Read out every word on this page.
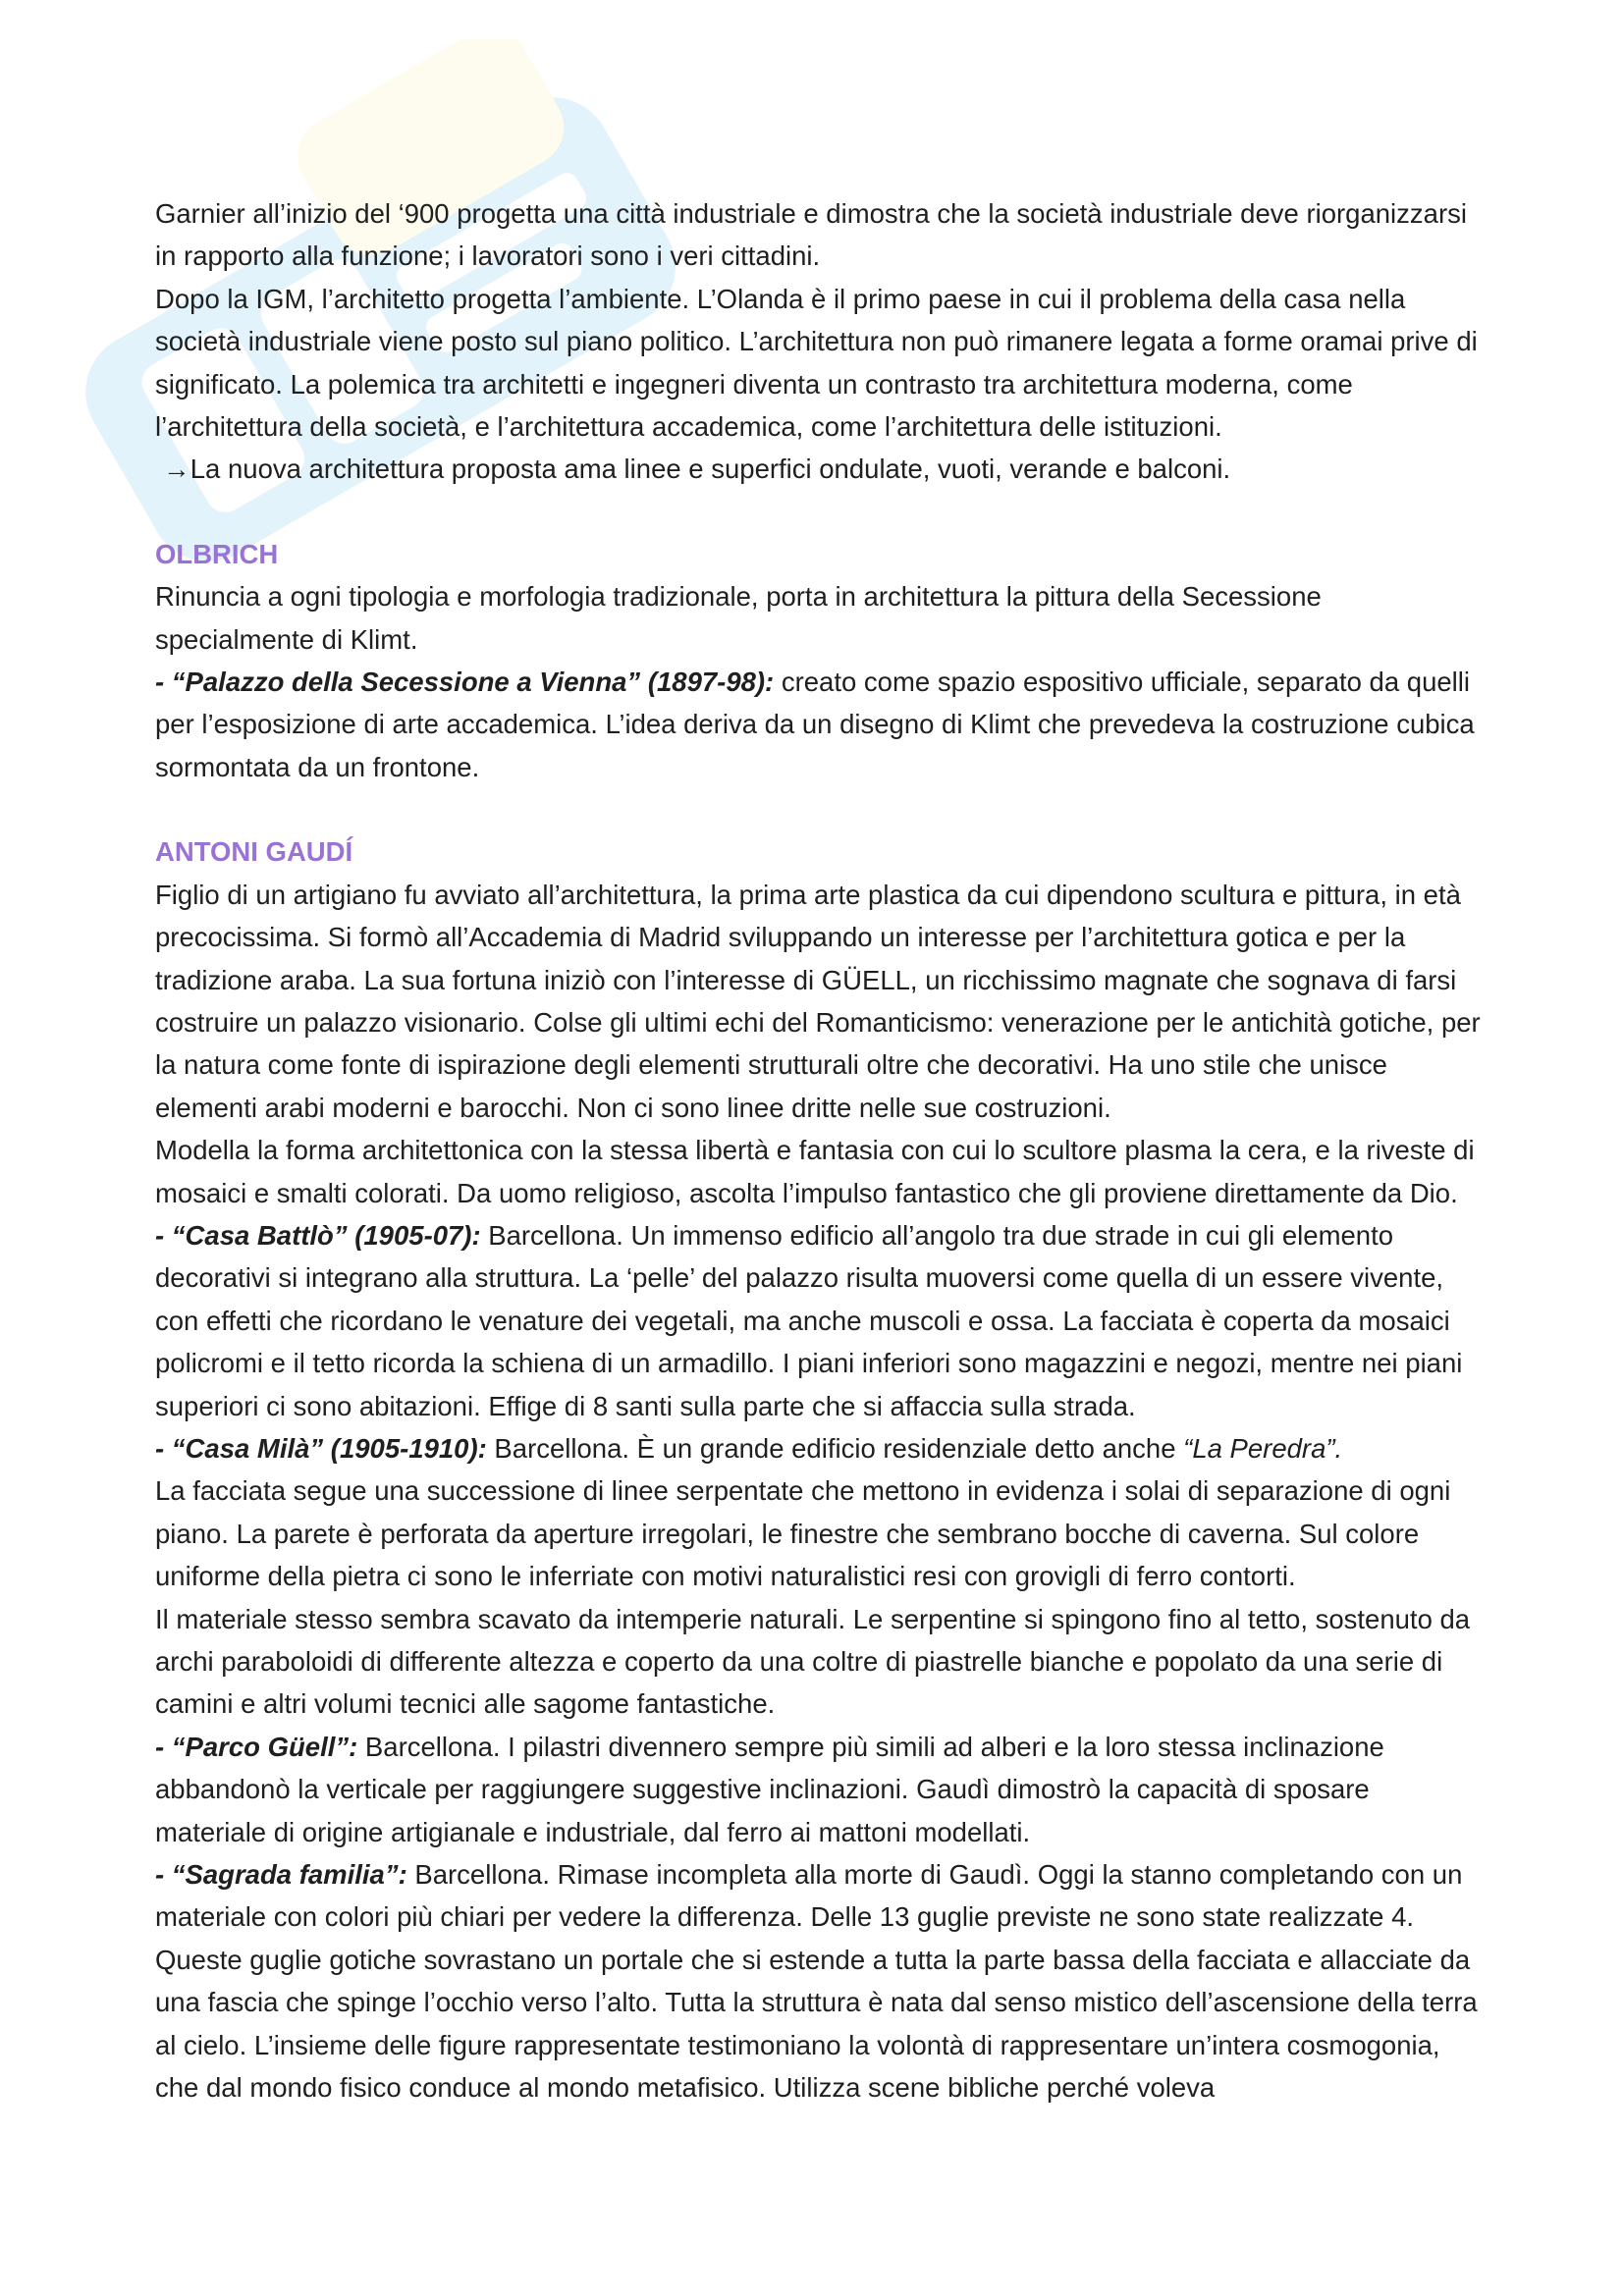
Garnier all’inizio del ‘900 progetta una città industriale e dimostra che la società industriale deve riorganizzarsi in rapporto alla funzione; i lavoratori sono i veri cittadini.

Dopo la IGM, l’architetto progetta l’ambiente. L’Olanda è il primo paese in cui il problema della casa nella società industriale viene posto sul piano politico. L’architettura non può rimanere legata a forme oramai prive di significato. La polemica tra architetti e ingegneri diventa un contrasto tra architettura moderna, come l’architettura della società, e l’architettura accademica, come l’architettura delle istituzioni.

→La nuova architettura proposta ama linee e superfici ondulate, vuoti, verande e balconi.

OLBRICH

Rinuncia a ogni tipologia e morfologia tradizionale, porta in architettura la pittura della Secessione specialmente di Klimt.

- “Palazzo della Secessione a Vienna” (1897-98): creato come spazio espositivo ufficiale, separato da quelli per l’esposizione di arte accademica. L’idea deriva da un disegno di Klimt che prevedeva la costruzione cubica sormontata da un frontone.

ANTONI GAUDÍ

Figlio di un artigiano fu avviato all’architettura, la prima arte plastica da cui dipendono scultura e pittura, in età precocissima. Si formò all’Accademia di Madrid sviluppando un interesse per l’architettura gotica e per la tradizione araba. La sua fortuna iniziò con l’interesse di GÜELL, un ricchissimo magnate che sognava di farsi costruire un palazzo visionario. Colse gli ultimi echi del Romanticismo: venerazione per le antichità gotiche, per la natura come fonte di ispirazione degli elementi strutturali oltre che decorativi. Ha uno stile che unisce elementi arabi moderni e barocchi. Non ci sono linee dritte nelle sue costruzioni.

Modella la forma architettonica con la stessa libertà e fantasia con cui lo scultore plasma la cera, e la riveste di mosaici e smalti colorati. Da uomo religioso, ascolta l’impulso fantastico che gli proviene direttamente da Dio.

- “Casa Battlò” (1905-07): Barcellona. Un immenso edificio all’angolo tra due strade in cui gli elemento decorativi si integrano alla struttura. La ‘pelle’ del palazzo risulta muoversi come quella di un essere vivente, con effetti che ricordano le venature dei vegetali, ma anche muscoli e ossa. La facciata è coperta da mosaici policromi e il tetto ricorda la schiena di un armadillo. I piani inferiori sono magazzini e negozi, mentre nei piani superiori ci sono abitazioni. Effige di 8 santi sulla parte che si affaccia sulla strada.

- “Casa Milà” (1905-1910): Barcellona. È un grande edificio residenziale detto anche “La Peredra”.

La facciata segue una successione di linee serpentate che mettono in evidenza i solai di separazione di ogni piano. La parete è perforata da aperture irregolari, le finestre che sembrano bocche di caverna. Sul colore uniforme della pietra ci sono le inferriate con motivi naturalistici resi con grovigli di ferro contorti.

Il materiale stesso sembra scavato da intemperie naturali. Le serpentine si spingono fino al tetto, sostenuto da archi paraboloidi di differente altezza e coperto da una coltre di piastrelle bianche e popolato da una serie di camini e altri volumi tecnici alle sagome fantastiche.

- “Parco Güell”: Barcellona. I pilastri divennero sempre più simili ad alberi e la loro stessa inclinazione abbandonò la verticale per raggiungere suggestive inclinazioni. Gaudì dimostrò la capacità di sposare materiale di origine artigianale e industriale, dal ferro ai mattoni modellati.

- “Sagrada familia”: Barcellona. Rimase incompleta alla morte di Gaudì. Oggi la stanno completando con un materiale con colori più chiari per vedere la differenza. Delle 13 guglie previste ne sono state realizzate 4. Queste guglie gotiche sovrastano un portale che si estende a tutta la parte bassa della facciata e allacciate da una fascia che spinge l’occhio verso l’alto. Tutta la struttura è nata dal senso mistico dell’ascensione della terra al cielo. L’insieme delle figure rappresentate testimoniano la volontà di rappresentare un’intera cosmogonia, che dal mondo fisico conduce al mondo metafisico. Utilizza scene bibliche perché voleva
